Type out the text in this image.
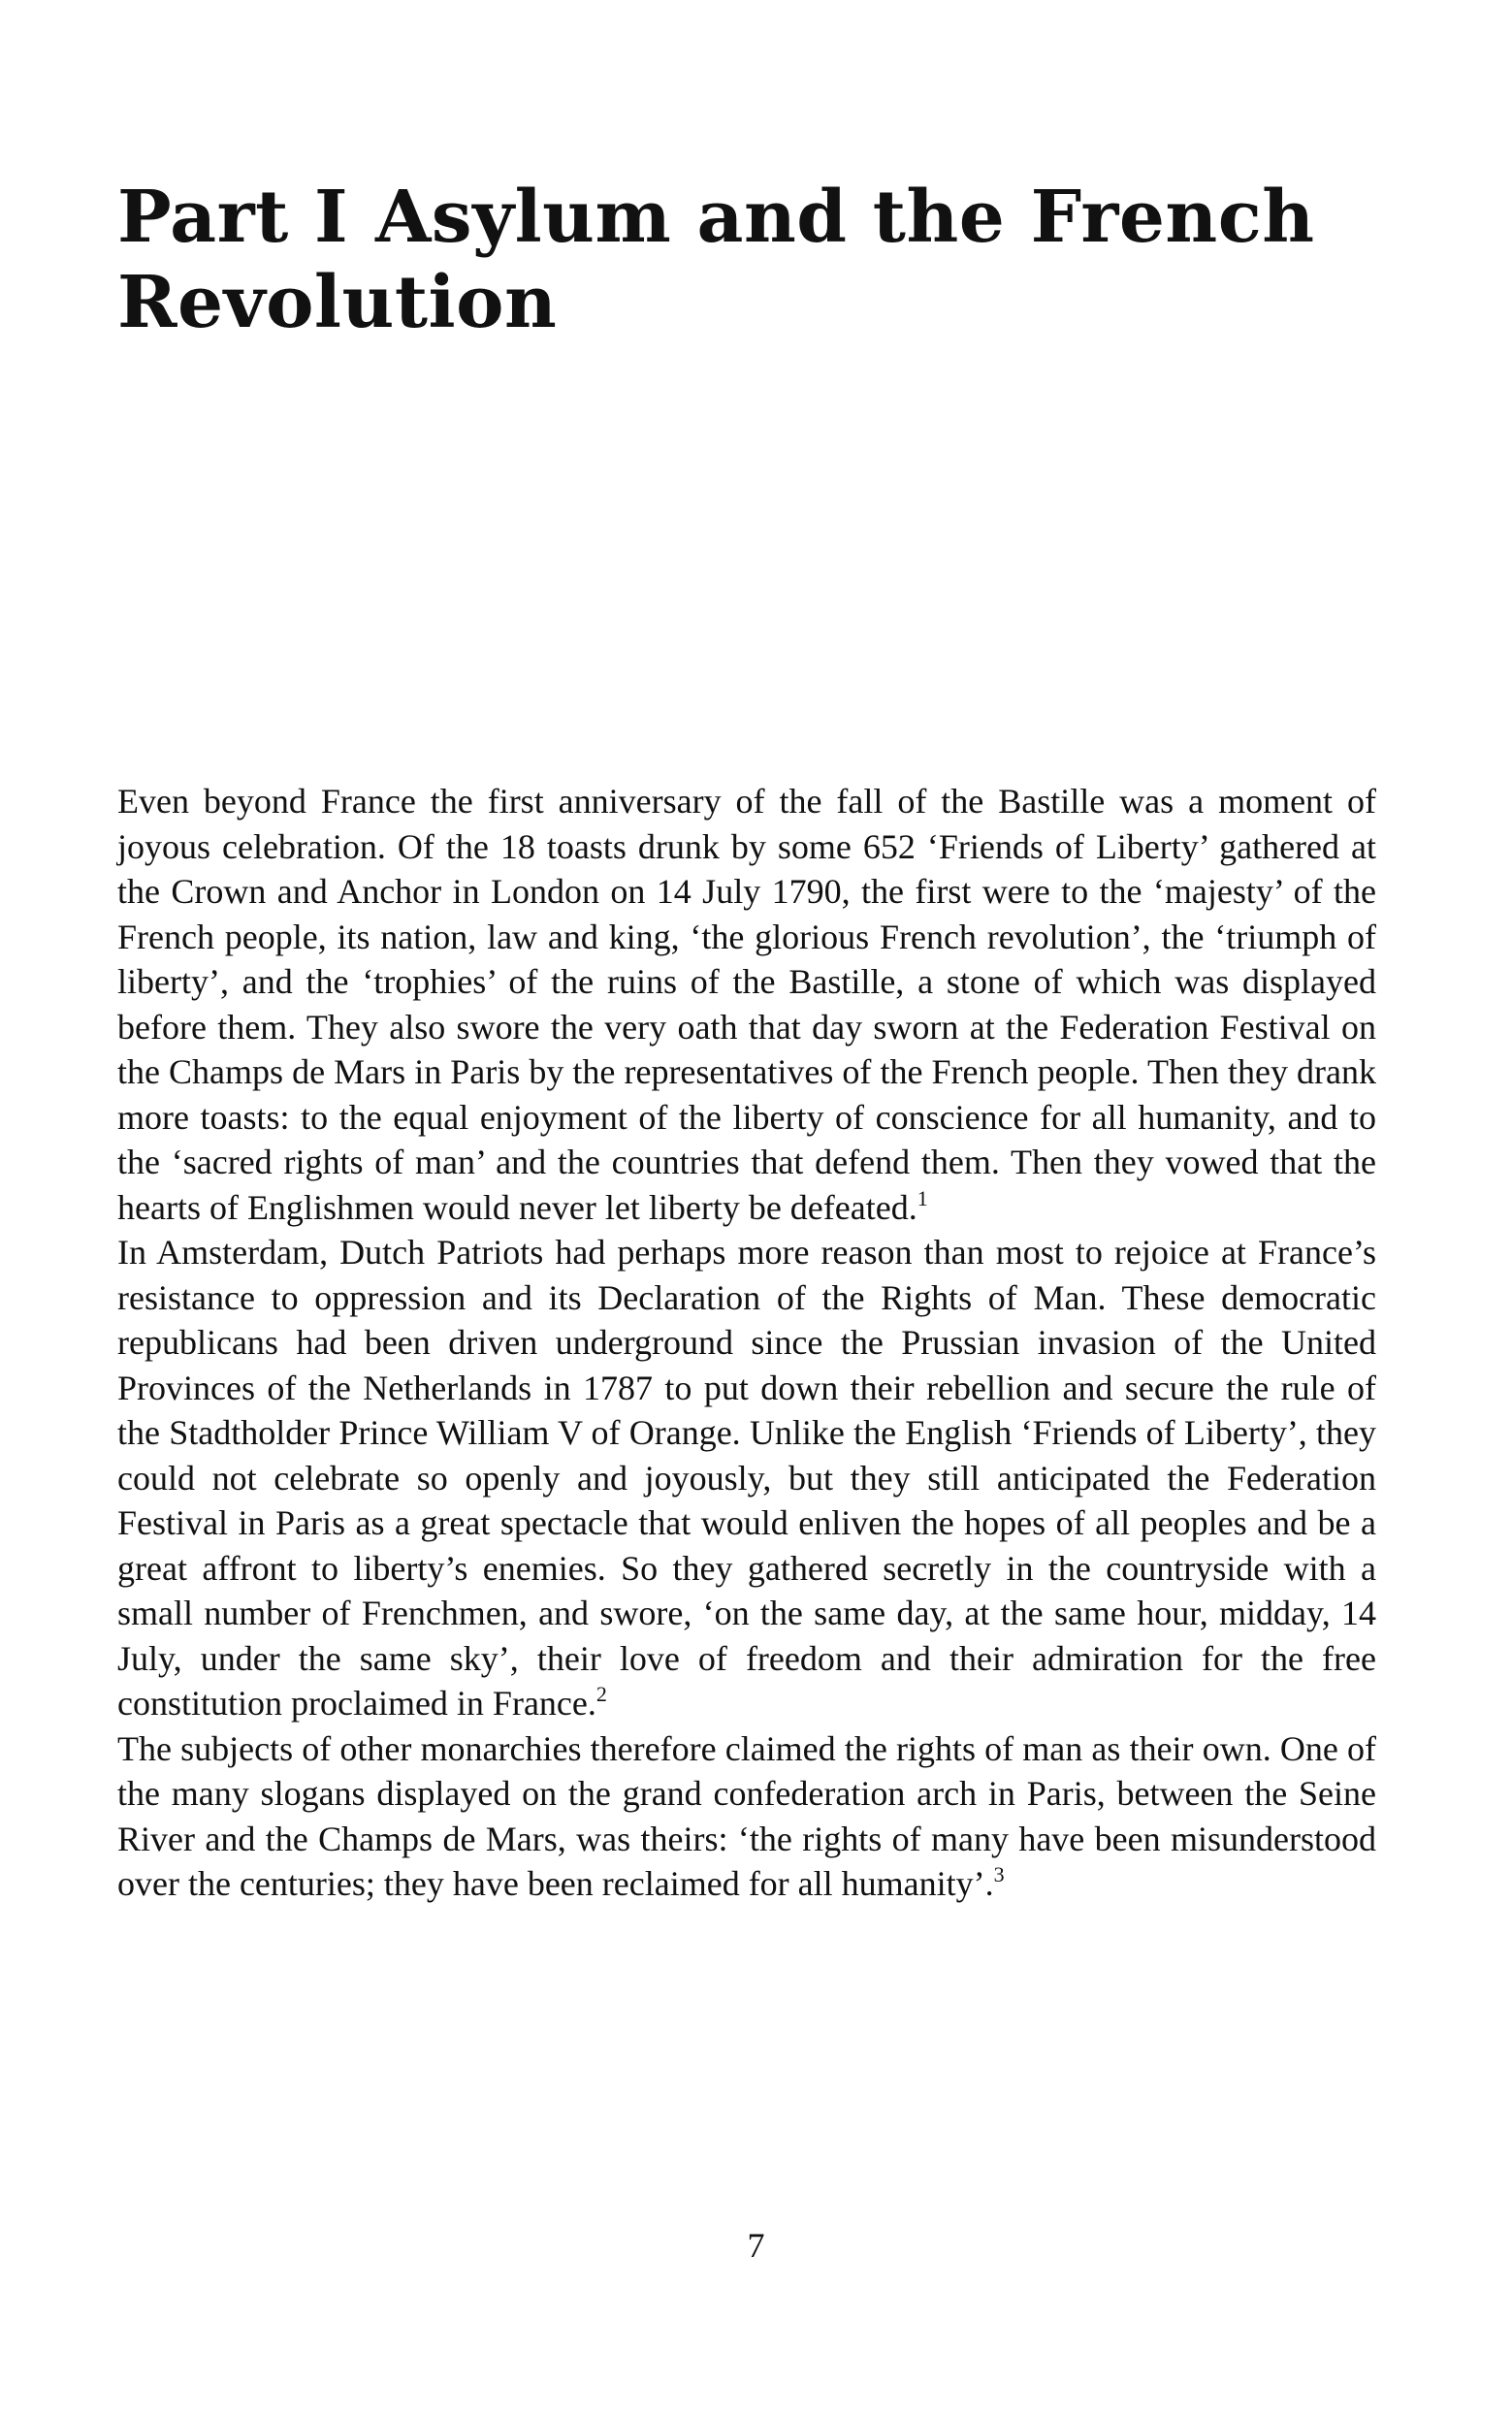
Part I Asylum and the French
Revolution

Even beyond France the first anniversary of the fall of the Bastille was a moment of joyous celebration. Of the 18 toasts drunk by some 652 ‘Friends of Liberty’ gathered at the Crown and Anchor in London on 14 July 1790, the first were to the ‘majesty’ of the French people, its nation, law and king, ‘the glorious French revolution’, the ‘triumph of liberty’, and the ‘trophies’ of the ruins of the Bastille, a stone of which was displayed before them. They also swore the very oath that day sworn at the Federation Festival on the Champs de Mars in Paris by the representatives of the French people. Then they drank more toasts: to the equal enjoyment of the liberty of conscience for all humanity, and to the ‘sacred rights of man’ and the countries that defend them. Then they vowed that the hearts of Englishmen would never let liberty be defeated.$^1$

In Amsterdam, Dutch Patriots had perhaps more reason than most to rejoice at France’s resistance to oppression and its Declaration of the Rights of Man. These democratic republicans had been driven underground since the Prussian invasion of the United Provinces of the Netherlands in 1787 to put down their rebellion and secure the rule of the Stadtholder Prince William V of Orange. Unlike the English ‘Friends of Liberty’, they could not celebrate so openly and joyously, but they still anticipated the Federation Festival in Paris as a great spectacle that would enliven the hopes of all peoples and be a great affront to liberty’s enemies. So they gathered secretly in the countryside with a small number of Frenchmen, and swore, ‘on the same day, at the same hour, midday, 14 July, under the same sky’, their love of freedom and their admiration for the free constitution proclaimed in France.$^2$

The subjects of other monarchies therefore claimed the rights of man as their own. One of the many slogans displayed on the grand confederation arch in Paris, between the Seine River and the Champs de Mars, was theirs: ‘the rights of many have been misunderstood over the centuries; they have been reclaimed for all humanity’.$^3$

7
